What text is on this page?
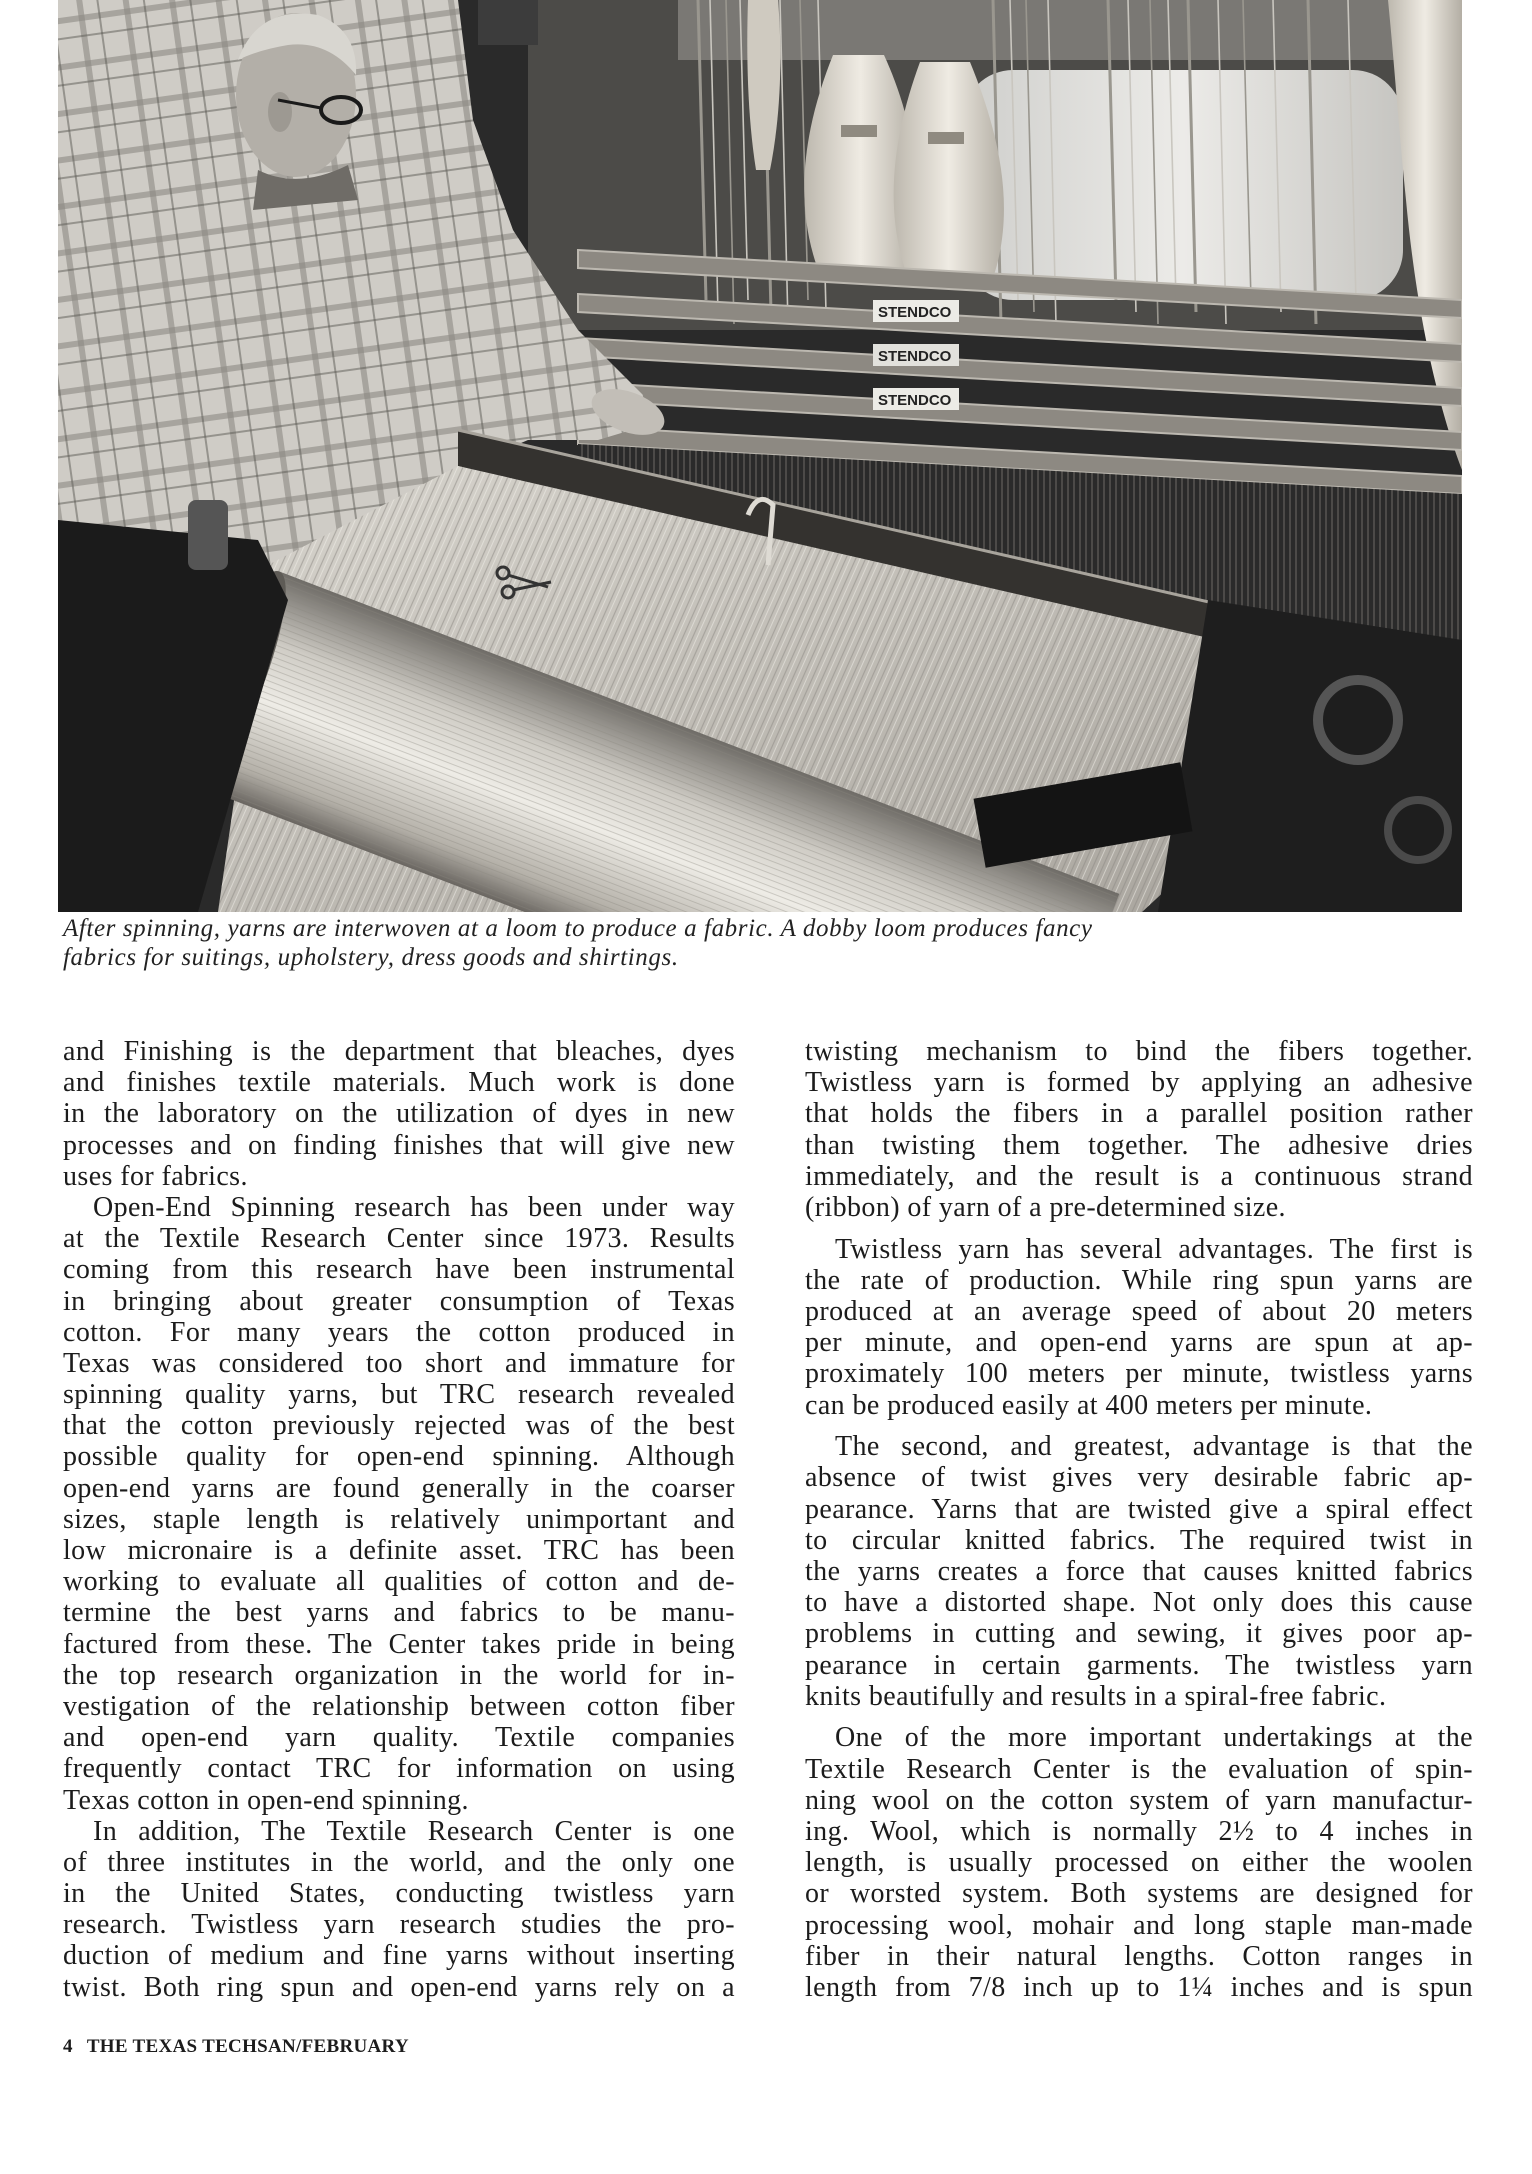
STENDCO
STENDCO
STENDCO
After spinning, yarns are interwoven at a loom to produce a fabric. A dobby loom produces fancy
fabrics for suitings, upholstery, dress goods and shirtings.
and Finishing is the department that bleaches, dyes
and finishes textile materials. Much work is done
in the laboratory on the utilization of dyes in new
processes and on finding finishes that will give new
uses for fabrics.
Open-End Spinning research has been under way
at the Textile Research Center since 1973. Results
coming from this research have been instrumental
in bringing about greater consumption of Texas
cotton. For many years the cotton produced in
Texas was considered too short and immature for
spinning quality yarns, but TRC research revealed
that the cotton previously rejected was of the best
possible quality for open-end spinning. Although
open-end yarns are found generally in the coarser
sizes, staple length is relatively unimportant and
low micronaire is a definite asset. TRC has been
working to evaluate all qualities of cotton and de-
termine the best yarns and fabrics to be manu-
factured from these. The Center takes pride in being
the top research organization in the world for in-
vestigation of the relationship between cotton fiber
and open-end yarn quality. Textile companies
frequently contact TRC for information on using
Texas cotton in open-end spinning.
In addition, The Textile Research Center is one
of three institutes in the world, and the only one
in the United States, conducting twistless yarn
research. Twistless yarn research studies the pro-
duction of medium and fine yarns without inserting
twist. Both ring spun and open-end yarns rely on a
twisting mechanism to bind the fibers together.
Twistless yarn is formed by applying an adhesive
that holds the fibers in a parallel position rather
than twisting them together. The adhesive dries
immediately, and the result is a continuous strand
(ribbon) of yarn of a pre-determined size.
Twistless yarn has several advantages. The first is
the rate of production. While ring spun yarns are
produced at an average speed of about 20 meters
per minute, and open-end yarns are spun at ap-
proximately 100 meters per minute, twistless yarns
can be produced easily at 400 meters per minute.
The second, and greatest, advantage is that the
absence of twist gives very desirable fabric ap-
pearance. Yarns that are twisted give a spiral effect
to circular knitted fabrics. The required twist in
the yarns creates a force that causes knitted fabrics
to have a distorted shape. Not only does this cause
problems in cutting and sewing, it gives poor ap-
pearance in certain garments. The twistless yarn
knits beautifully and results in a spiral-free fabric.
One of the more important undertakings at the
Textile Research Center is the evaluation of spin-
ning wool on the cotton system of yarn manufactur-
ing. Wool, which is normally 2½ to 4 inches in
length, is usually processed on either the woolen
or worsted system. Both systems are designed for
processing wool, mohair and long staple man-made
fiber in their natural lengths. Cotton ranges in
length from 7/8 inch up to 1¼ inches and is spun
4 THE TEXAS TECHSAN/FEBRUARY
